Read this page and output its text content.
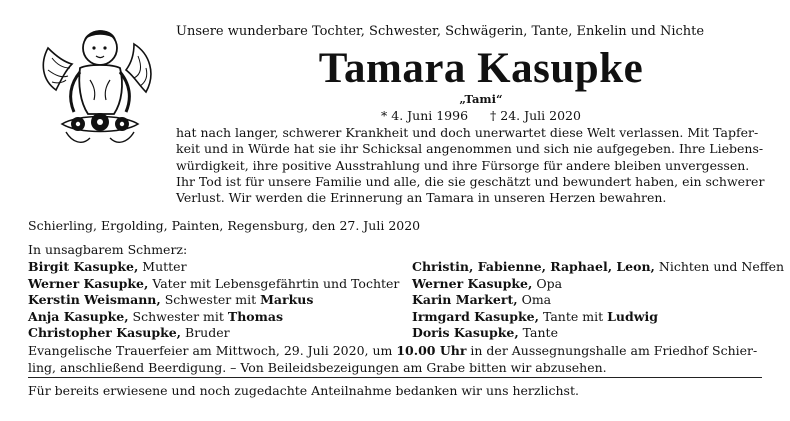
Unsere wunderbare Tochter, Schwester, Schwägerin, Tante, Enkelin und Nichte
Tamara Kasupke
„Tami“
* 4. Juni 1996 † 24. Juli 2020
hat nach langer, schwerer Krankheit und doch unerwartet diese Welt verlassen. Mit Tapfer-
keit und in Würde hat sie ihr Schicksal angenommen und sich nie aufgegeben. Ihre Liebens-
würdigkeit, ihre positive Ausstrahlung und ihre Fürsorge für andere bleiben unvergessen.
Ihr Tod ist für unsere Familie und alle, die sie geschätzt und bewundert haben, ein schwerer
Verlust. Wir werden die Erinnerung an Tamara in unseren Herzen bewahren.
Schierling, Ergolding, Painten, Regensburg, den 27. Juli 2020
In unsagbarem Schmerz:
Birgit Kasupke, Mutter
Werner Kasupke, Vater mit Lebensgefährtin und Tochter
Kerstin Weismann, Schwester mit Markus
Anja Kasupke, Schwester mit Thomas
Christopher Kasupke, Bruder
Christin, Fabienne, Raphael, Leon, Nichten und Neffen
Werner Kasupke, Opa
Karin Markert, Oma
Irmgard Kasupke, Tante mit Ludwig
Doris Kasupke, Tante
Evangelische Trauerfeier am Mittwoch, 29. Juli 2020, um 10.00 Uhr in der Aussegnungshalle am Friedhof Schier-
ling, anschließend Beerdigung. – Von Beileidsbezeigungen am Grabe bitten wir abzusehen.
Für bereits erwiesene und noch zugedachte Anteilnahme bedanken wir uns herzlichst.
